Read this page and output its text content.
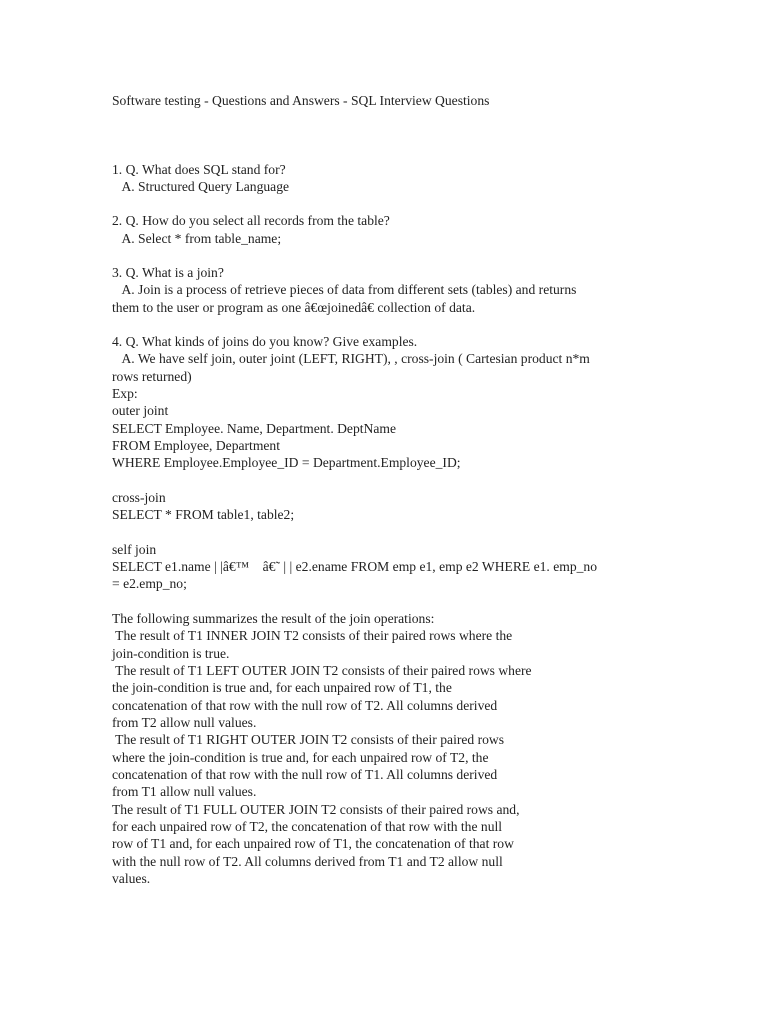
Software testing - Questions and Answers - SQL Interview Questions
1. Q. What does SQL stand for?
A. Structured Query Language
2. Q. How do you select all records from the table?
A. Select * from table_name;
3. Q. What is a join?
A. Join is a process of retrieve pieces of data from different sets (tables) and returns
them to the user or program as one â€œjoinedâ€ collection of data.
4. Q. What kinds of joins do you know? Give examples.
A. We have self join, outer joint (LEFT, RIGHT), , cross-join ( Cartesian product n*m
rows returned)
Exp:
outer joint
SELECT Employee. Name, Department. DeptName
FROM Employee, Department
WHERE Employee.Employee_ID = Department.Employee_ID;
cross-join
SELECT * FROM table1, table2;
self join
SELECT e1.name | |â€™    â€˜ | | e2.ename FROM emp e1, emp e2 WHERE e1. emp_no
= e2.emp_no;
The following summarizes the result of the join operations:
The result of T1 INNER JOIN T2 consists of their paired rows where the
join-condition is true.
The result of T1 LEFT OUTER JOIN T2 consists of their paired rows where
the join-condition is true and, for each unpaired row of T1, the
concatenation of that row with the null row of T2. All columns derived
from T2 allow null values.
The result of T1 RIGHT OUTER JOIN T2 consists of their paired rows
where the join-condition is true and, for each unpaired row of T2, the
concatenation of that row with the null row of T1. All columns derived
from T1 allow null values.
The result of T1 FULL OUTER JOIN T2 consists of their paired rows and,
for each unpaired row of T2, the concatenation of that row with the null
row of T1 and, for each unpaired row of T1, the concatenation of that row
with the null row of T2. All columns derived from T1 and T2 allow null
values.
